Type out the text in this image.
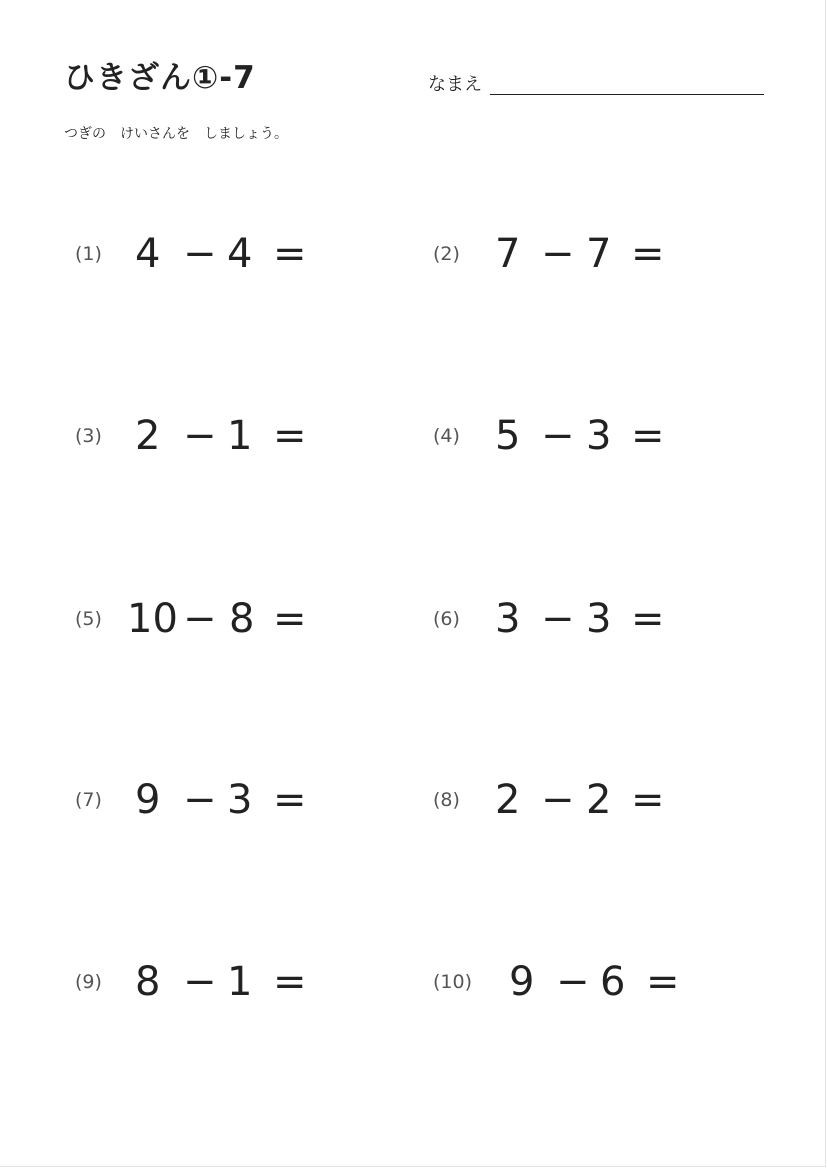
ひきざん①-7	なまえ
つぎの　けいさんを　しましょう。
(1) 4 − 4 =
(3) 2 − 1 =
(5) 10 − 8 =
(7) 9 − 3 =
(9) 8 − 1 =
(2) 7 − 7 =
(4) 5 − 3 =
(6) 3 − 3 =
(8) 2 − 2 =
(10) 9 − 6 =
